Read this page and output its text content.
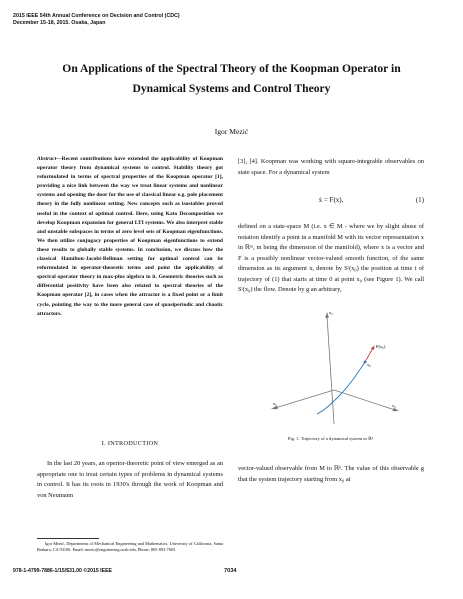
2015 IEEE 54th Annual Conference on Decision and Control (CDC)
December 15-18, 2015. Osaka, Japan
On Applications of the Spectral Theory of the Koopman Operator in
Dynamical Systems and Control Theory
Igor Mezić
Abstract—Recent contributions have extended the applicability of Koopman operator theory from dynamical systems to control. Stability theory got reformulated in terms of spectral properties of the Koopman operator [1], providing a nice link between the way we treat linear systems and nonlinear systems and opening the door for the use of classical linear e.g. pole placement theory in the fully nonlinear setting. New concepts such as isostables proved useful in the context of optimal control. Here, using Kato Decomposition we develop Koopman expansion for general LTI systems. We also interpret stable and unstable subspaces in terms of zero level sets of Koopman eigenfunctions. We then utilize conjugacy properties of Koopman eigenfunctions to extend these results to globally stable systems. In conclusion, we discuss how the classical Hamilton-Jacobi-Bellman setting for optimal control can be reformulated in operator-theoretic terms and point the applicability of spectral operator theory in max-plus algebra to it. Geometric theories such as differential positivity have been also related to spectral theories of the Koopman operator [2], in cases when the attractor is a fixed point or a limit cycle, pointing the way to the more general case of quasiperiodic and chaotic attractors.
I. INTRODUCTION
In the last 20 years, an opertor-theoretic point of view emerged as an appropriate one to treat certain types of problems in dynamical systems in control. It has its roots in 1930's through the work of Koopman and von Neumann
Igor Mezić, Departments of Mechanical Engineering and Mathematics, University of California, Santa Barbara, CA 93106. Email: mezic@engineering.ucsb.edu, Phone: 805-893-7603
[3], [4]. Koopman was working with square-integrable observables on state space. For a dynamical system
ẋ = F(x),	(1)
defined on a state-space M (i.e. x ∈ M - where we by slight abuse of notation identify a point in a manifold M with its vector representation x in ℝᵐ, m being the dimension of the manifold), where x is a vector and F is a possibly nonlinear vector-valued smooth function, of the same dimension as its argument x, denote by Sᵗ(x₀) the position at time t of trajectory of (1) that starts at time 0 at point x₀ (see Figure 1). We call Sᵗ(x₀) the flow. Denote by g an arbitrary,
x₃
x₁	x₂
x₀
F(x₀)
Fig. 1. Trajectory of a dynamical system in ℝ³.
vector-valued observable from M to ℝᵏ. The value of this observable g that the system trajectory starting from x₀ at
978-1-4799-7886-1/15/$31.00 ©2015 IEEE	7034
